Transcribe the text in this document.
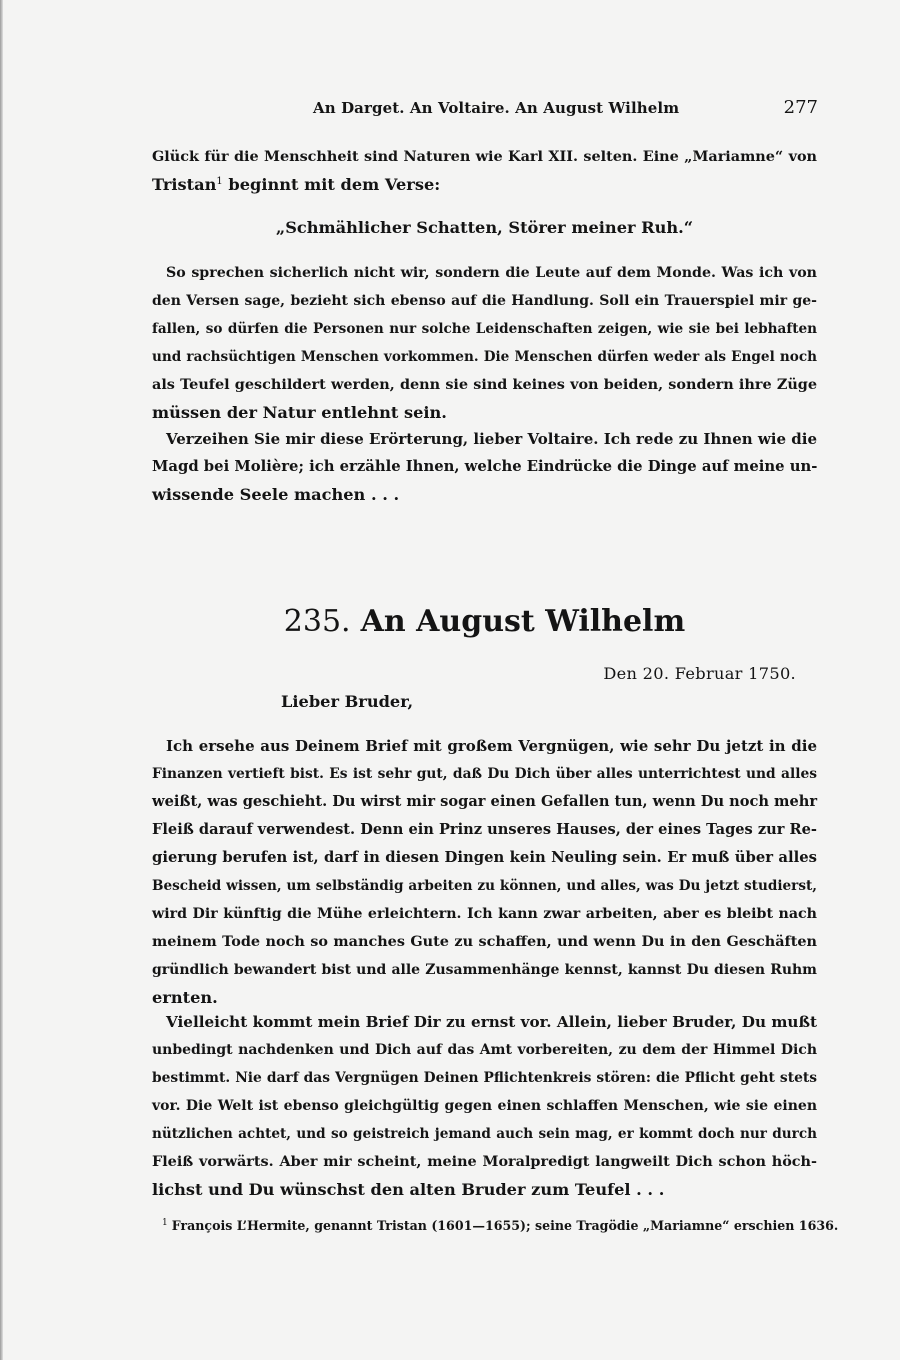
An Darget. An Voltaire. An August Wilhelm	277
Glück für die Menschheit sind Naturen wie Karl XII. selten. Eine „Mariamne“ von
Tristan$^1$ beginnt mit dem Verse:
„Schmählicher Schatten, Störer meiner Ruh.“
So sprechen sicherlich nicht wir, sondern die Leute auf dem Monde. Was ich von
den Versen sage, bezieht sich ebenso auf die Handlung. Soll ein Trauerspiel mir ge-
fallen, so dürfen die Personen nur solche Leidenschaften zeigen, wie sie bei lebhaften
und rachsüchtigen Menschen vorkommen. Die Menschen dürfen weder als Engel noch
als Teufel geschildert werden, denn sie sind keines von beiden, sondern ihre Züge
müssen der Natur entlehnt sein.
Verzeihen Sie mir diese Erörterung, lieber Voltaire. Ich rede zu Ihnen wie die
Magd bei Molière; ich erzähle Ihnen, welche Eindrücke die Dinge auf meine un-
wissende Seele machen . . .
235. An August Wilhelm
Den 20. Februar 1750.
Lieber Bruder,
Ich ersehe aus Deinem Brief mit großem Vergnügen, wie sehr Du jetzt in die
Finanzen vertieft bist. Es ist sehr gut, daß Du Dich über alles unterrichtest und alles
weißt, was geschieht. Du wirst mir sogar einen Gefallen tun, wenn Du noch mehr
Fleiß darauf verwendest. Denn ein Prinz unseres Hauses, der eines Tages zur Re-
gierung berufen ist, darf in diesen Dingen kein Neuling sein. Er muß über alles
Bescheid wissen, um selbständig arbeiten zu können, und alles, was Du jetzt studierst,
wird Dir künftig die Mühe erleichtern. Ich kann zwar arbeiten, aber es bleibt nach
meinem Tode noch so manches Gute zu schaffen, und wenn Du in den Geschäften
gründlich bewandert bist und alle Zusammenhänge kennst, kannst Du diesen Ruhm
ernten.
Vielleicht kommt mein Brief Dir zu ernst vor. Allein, lieber Bruder, Du mußt
unbedingt nachdenken und Dich auf das Amt vorbereiten, zu dem der Himmel Dich
bestimmt. Nie darf das Vergnügen Deinen Pflichtenkreis stören: die Pflicht geht stets
vor. Die Welt ist ebenso gleichgültig gegen einen schlaffen Menschen, wie sie einen
nützlichen achtet, und so geistreich jemand auch sein mag, er kommt doch nur durch
Fleiß vorwärts. Aber mir scheint, meine Moralpredigt langweilt Dich schon höch-
lichst und Du wünschst den alten Bruder zum Teufel . . .
$^1$ François L’Hermite, genannt Tristan (1601—1655); seine Tragödie „Mariamne“ erschien 1636.
